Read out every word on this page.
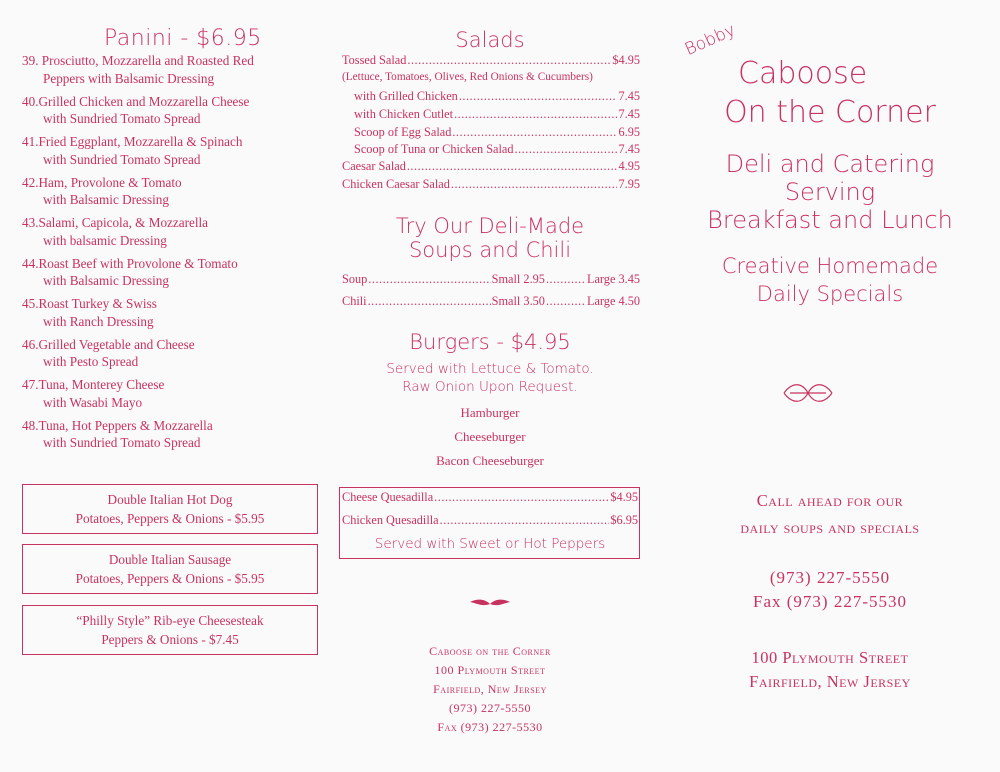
Panini - $6.95
39. Prosciutto, Mozzarella and Roasted Red
Peppers with Balsamic Dressing
40.Grilled Chicken and Mozzarella Cheese
with Sundried Tomato Spread
41.Fried Eggplant, Mozzarella & Spinach
with Sundried Tomato Spread
42.Ham, Provolone & Tomato
with Balsamic Dressing
43.Salami, Capicola, & Mozzarella
with balsamic Dressing
44.Roast Beef with Provolone & Tomato
with Balsamic Dressing
45.Roast Turkey & Swiss
with Ranch Dressing
46.Grilled Vegetable and Cheese
with Pesto Spread
47.Tuna, Monterey Cheese
with Wasabi Mayo
48.Tuna, Hot Peppers & Mozzarella
with Sundried Tomato Spread
Double Italian Hot Dog
Potatoes, Peppers & Onions - $5.95
Double Italian Sausage
Potatoes, Peppers & Onions - $5.95
“Philly Style” Rib-eye Cheesesteak
Peppers & Onions - $7.45
Salads
Tossed Salad .....	$4.95
(Lettuce, Tomatoes, Olives, Red Onions & Cucumbers)
with Grilled Chicken .....	7.45
with Chicken Cutlet .....	7.45
Scoop of Egg Salad .....	6.95
Scoop of Tuna or Chicken Salad .....	7.45
Caesar Salad .....	4.95
Chicken Caesar Salad .....	7.95
Try Our Deli-Made
Soups and Chili
Soup .....	Small 2.95 .....	Large 3.45
Chili .....	Small 3.50 .....	Large 4.50
Burgers - $4.95
Served with Lettuce & Tomato.
Raw Onion Upon Request.
Hamburger
Cheeseburger
Bacon Cheeseburger
Cheese Quesadilla .....	$4.95
Chicken Quesadilla .....	$6.95
Served with Sweet or Hot Peppers
Caboose on the Corner
100 Plymouth Street
Fairfield, New Jersey
(973) 227-5550
Fax (973) 227-5530
Bobby
Caboose
On the Corner
Deli and Catering
Serving
Breakfast and Lunch
Creative Homemade
Daily Specials
Call ahead for our
daily soups and specials
(973) 227-5550
Fax (973) 227-5530
100 Plymouth Street
Fairfield, New Jersey
